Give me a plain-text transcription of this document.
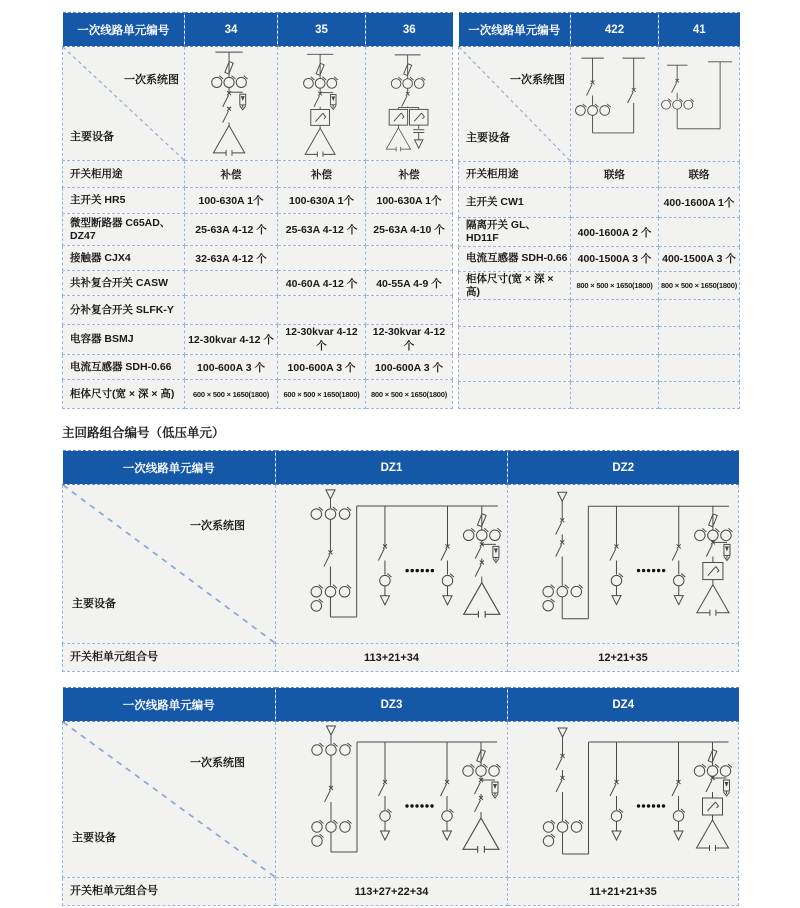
一次线路单元编号	34	35	36

一次系统图
主要设备

开关柜用途	补偿	补偿	补偿
主开关 HR5	100-630A 1个	100-630A 1个	100-630A 1个
微型断路器 C65AD、DZ47	25-63A 4-12 个	25-63A 4-12 个	25-63A 4-10 个
接触器 CJX4	32-63A 4-12 个		
共补复合开关 CASW		40-60A 4-12 个	40-55A 4-9 个
分补复合开关 SLFK-Y			
电容器 BSMJ	12-30kvar 4-12 个	12-30kvar 4-12 个	12-30kvar 4-12 个
电流互感器 SDH-0.66	100-600A 3 个	100-600A 3 个	100-600A 3 个
柜体尺寸(宽 × 深 × 高)	600 × 500 × 1650(1800)	600 × 500 × 1650(1800)	800 × 500 × 1650(1800)
一次线路单元编号	422	41

一次系统图
主要设备

开关柜用途	联络	联络
主开关 CW1		400-1600A 1个
隔离开关 GL、HD11F	400-1600A 2 个	
电流互感器 SDH-0.66	400-1500A 3 个	400-1500A 3 个
柜体尺寸(宽 × 深 × 高)	800 × 500 × 1650(1800)	800 × 500 × 1650(1800)

主回路组合编号（低压单元）
一次线路单元编号	DZ1	DZ2

一次系统图
主要设备

开关柜单元组合号	113+21+34	12+21+35
一次线路单元编号	DZ3	DZ4

一次系统图
主要设备

开关柜单元组合号	113+27+22+34	11+21+21+35
